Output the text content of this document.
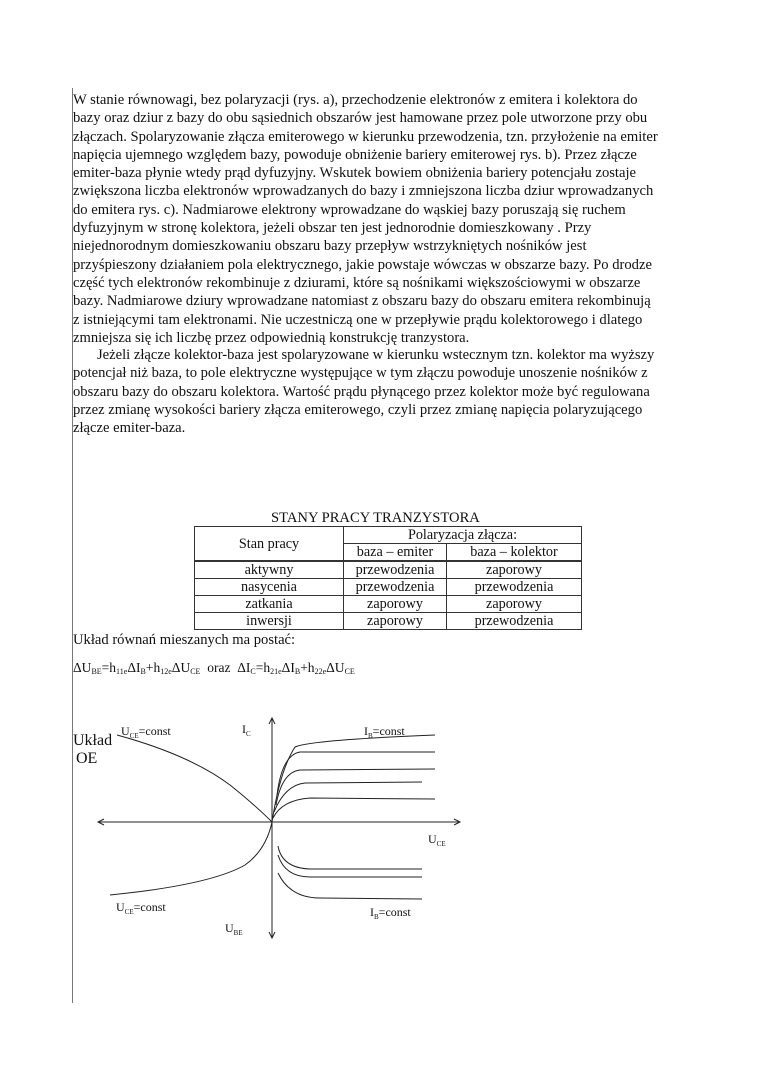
W stanie równowagi, bez polaryzacji (rys. a), przechodzenie elektronów z emitera i kolektora do
bazy oraz dziur z bazy do obu sąsiednich obszarów jest hamowane przez pole utworzone przy obu
złączach. Spolaryzowanie złącza emiterowego w kierunku przewodzenia, tzn. przyłożenie na emiter
napięcia ujemnego względem bazy, powoduje obniżenie bariery emiterowej rys. b). Przez złącze
emiter-baza płynie wtedy prąd dyfuzyjny. Wskutek bowiem obniżenia bariery potencjału zostaje
zwiększona liczba elektronów wprowadzanych do bazy i zmniejszona liczba dziur wprowadzanych
do emitera rys. c). Nadmiarowe elektrony wprowadzane do wąskiej bazy poruszają się ruchem
dyfuzyjnym w stronę kolektora, jeżeli obszar ten jest jednorodnie domieszkowany . Przy
niejednorodnym domieszkowaniu obszaru bazy przepływ wstrzykniętych nośników jest
przyśpieszony działaniem pola elektrycznego, jakie powstaje wówczas w obszarze bazy. Po drodze
część tych elektronów rekombinuje z dziurami, które są nośnikami większościowymi w obszarze
bazy. Nadmiarowe dziury wprowadzane natomiast z obszaru bazy do obszaru emitera rekombinują
z istniejącymi tam elektronami. Nie uczestniczą one w przepływie prądu kolektorowego i dlatego
zmniejsza się ich liczbę przez odpowiednią konstrukcję tranzystora.
Jeżeli złącze kolektor-baza jest spolaryzowane w kierunku wstecznym tzn. kolektor ma wyższy
potencjał niż baza, to pole elektryczne występujące w tym złączu powoduje unoszenie nośników z
obszaru bazy do obszaru kolektora. Wartość prądu płynącego przez kolektor może być regulowana
przez zmianę wysokości bariery złącza emiterowego, czyli przez zmianę napięcia polaryzującego
złącze emiter-baza.
STANY PRACY TRANZYSTORA
Stan pracy	Polaryzacja złącza:	
	baza – emiter	baza – kolektor
aktywny	przewodzenia	zaporowy
nasycenia	przewodzenia	przewodzenia
zatkania	zaporowy	zaporowy
inwersji	zaporowy	przewodzenia
Układ równań mieszanych ma postać:
$\Delta U_{BE}=h_{11e}\Delta I_B+h_{12e}\Delta U_{CE}$ oraz $\Delta I_C=h_{21e}\Delta I_B+h_{22e}\Delta U_{CE}$
Układ
OE
$U_{CE}=const$	$I_C$	$I_B=const$
$U_{CE}$
$U_{CE}=const$	$I_B=const$
$U_{BE}$
